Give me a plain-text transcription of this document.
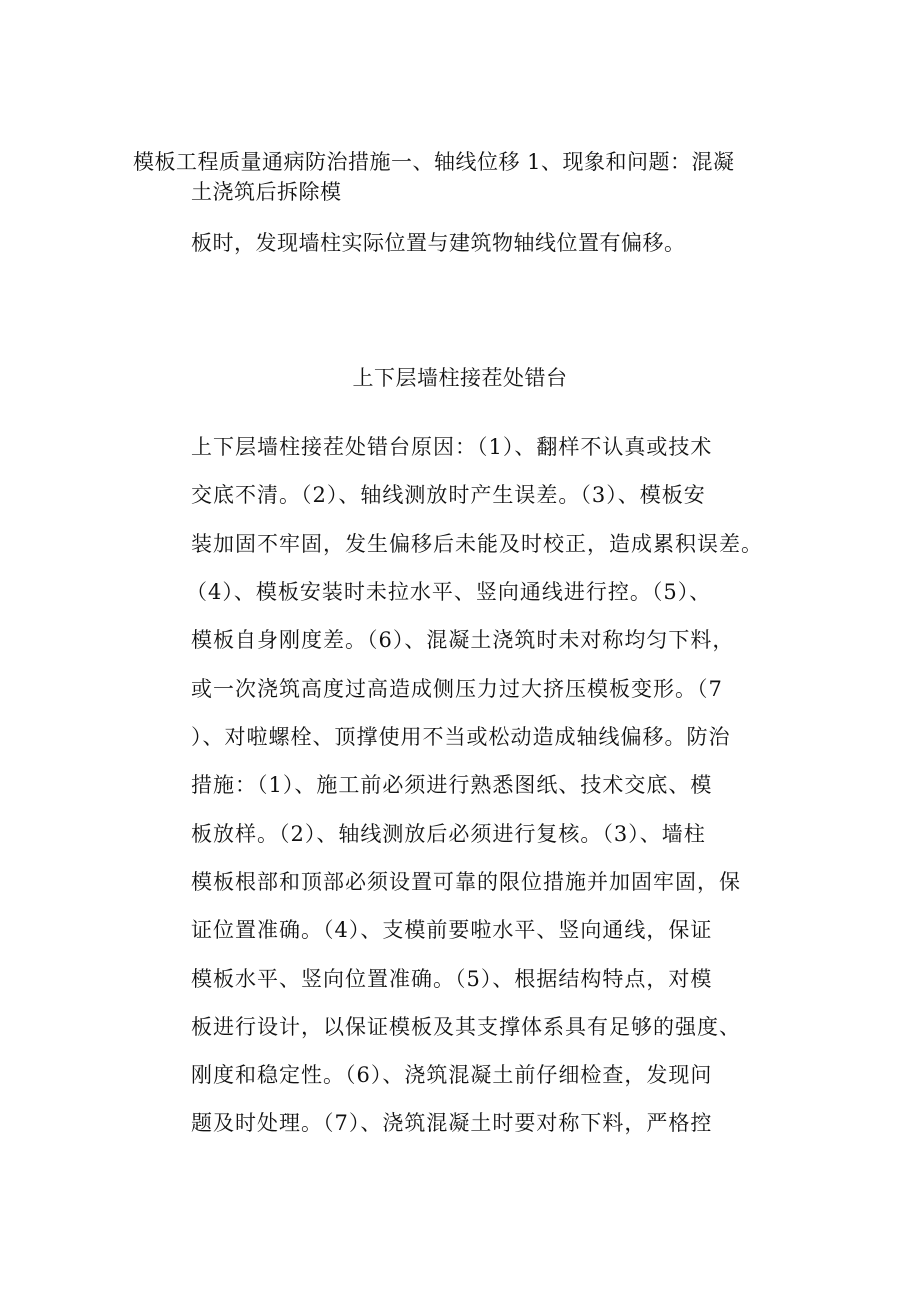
模板工程质量通病防治措施一、轴线位移 1、现象和问题：混凝

土浇筑后拆除模

板时，发现墙柱实际位置与建筑物轴线位置有偏移。

上下层墙柱接茬处错台

上下层墙柱接茬处错台原因：（1）、翻样不认真或技术

交底不清。（2）、轴线测放时产生误差。（3）、模板安

装加固不牢固，发生偏移后未能及时校正，造成累积误差。

（4）、模板安装时未拉水平、竖向通线进行控。（5）、

模板自身刚度差。（6）、混凝土浇筑时未对称均匀下料，

或一次浇筑高度过高造成侧压力过大挤压模板变形。（7

）、对啦螺栓、顶撑使用不当或松动造成轴线偏移。防治

措施：（1）、施工前必须进行熟悉图纸、技术交底、模

板放样。（2）、轴线测放后必须进行复核。（3）、墙柱

模板根部和顶部必须设置可靠的限位措施并加固牢固，保

证位置准确。（4）、支模前要啦水平、竖向通线，保证

模板水平、竖向位置准确。（5）、根据结构特点，对模

板进行设计，以保证模板及其支撑体系具有足够的强度、

刚度和稳定性。（6）、浇筑混凝土前仔细检查，发现问

题及时处理。（7）、浇筑混凝土时要对称下料，严格控
